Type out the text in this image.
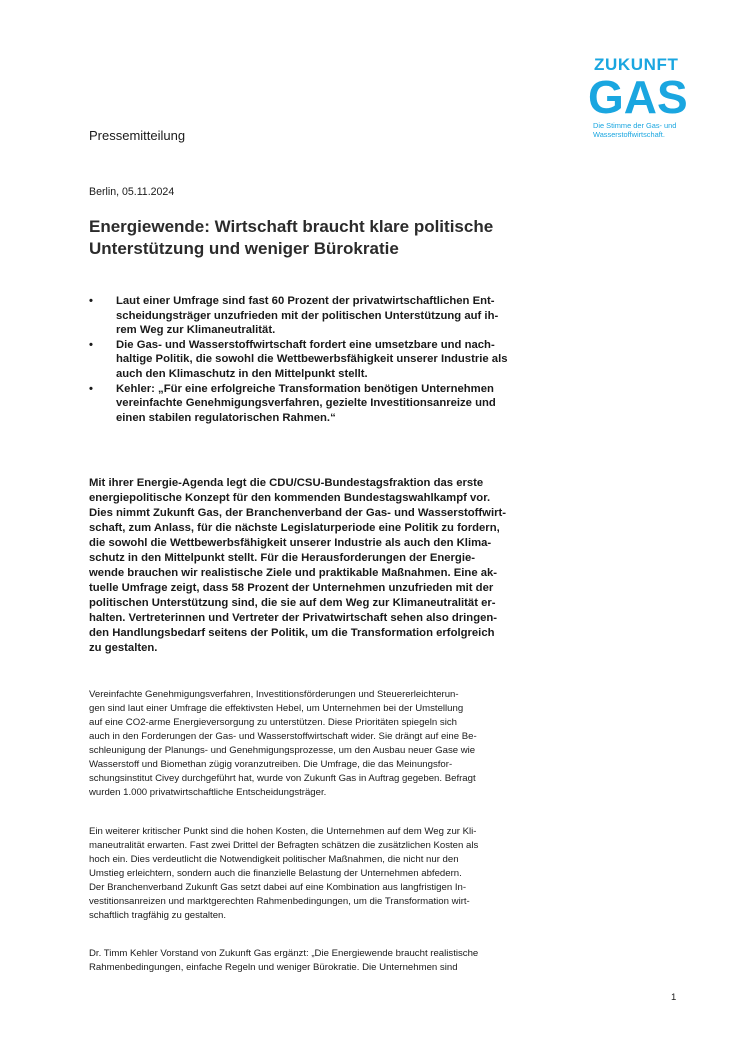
ZUKUNFT
GAS
Die Stimme der Gas- und
Wasserstoffwirtschaft.
Pressemitteilung
Berlin, 05.11.2024
Energiewende: Wirtschaft braucht klare politische
Unterstützung und weniger Bürokratie
• Laut einer Umfrage sind fast 60 Prozent der privatwirtschaftlichen Ent-
scheidungsträger unzufrieden mit der politischen Unterstützung auf ih-
rem Weg zur Klimaneutralität.
• Die Gas- und Wasserstoffwirtschaft fordert eine umsetzbare und nach-
haltige Politik, die sowohl die Wettbewerbsfähigkeit unserer Industrie als
auch den Klimaschutz in den Mittelpunkt stellt.
• Kehler: „Für eine erfolgreiche Transformation benötigen Unternehmen
vereinfachte Genehmigungsverfahren, gezielte Investitionsanreize und
einen stabilen regulatorischen Rahmen.“
Mit ihrer Energie-Agenda legt die CDU/CSU-Bundestagsfraktion das erste
energiepolitische Konzept für den kommenden Bundestagswahlkampf vor.
Dies nimmt Zukunft Gas, der Branchenverband der Gas- und Wasserstoffwirt-
schaft, zum Anlass, für die nächste Legislaturperiode eine Politik zu fordern,
die sowohl die Wettbewerbsfähigkeit unserer Industrie als auch den Klima-
schutz in den Mittelpunkt stellt. Für die Herausforderungen der Energie-
wende brauchen wir realistische Ziele und praktikable Maßnahmen. Eine ak-
tuelle Umfrage zeigt, dass 58 Prozent der Unternehmen unzufrieden mit der
politischen Unterstützung sind, die sie auf dem Weg zur Klimaneutralität er-
halten. Vertreterinnen und Vertreter der Privatwirtschaft sehen also dringen-
den Handlungsbedarf seitens der Politik, um die Transformation erfolgreich
zu gestalten.
Vereinfachte Genehmigungsverfahren, Investitionsförderungen und Steuererleichterun-
gen sind laut einer Umfrage die effektivsten Hebel, um Unternehmen bei der Umstellung
auf eine CO2-arme Energieversorgung zu unterstützen. Diese Prioritäten spiegeln sich
auch in den Forderungen der Gas- und Wasserstoffwirtschaft wider. Sie drängt auf eine Be-
schleunigung der Planungs- und Genehmigungsprozesse, um den Ausbau neuer Gase wie
Wasserstoff und Biomethan zügig voranzutreiben. Die Umfrage, die das Meinungsfor-
schungsinstitut Civey durchgeführt hat, wurde von Zukunft Gas in Auftrag gegeben. Befragt
wurden 1.000 privatwirtschaftliche Entscheidungsträger.
Ein weiterer kritischer Punkt sind die hohen Kosten, die Unternehmen auf dem Weg zur Kli-
maneutralität erwarten. Fast zwei Drittel der Befragten schätzen die zusätzlichen Kosten als
hoch ein. Dies verdeutlicht die Notwendigkeit politischer Maßnahmen, die nicht nur den
Umstieg erleichtern, sondern auch die finanzielle Belastung der Unternehmen abfedern.
Der Branchenverband Zukunft Gas setzt dabei auf eine Kombination aus langfristigen In-
vestitionsanreizen und marktgerechten Rahmenbedingungen, um die Transformation wirt-
schaftlich tragfähig zu gestalten.
Dr. Timm Kehler Vorstand von Zukunft Gas ergänzt: „Die Energiewende braucht realistische
Rahmenbedingungen, einfache Regeln und weniger Bürokratie. Die Unternehmen sind
1
